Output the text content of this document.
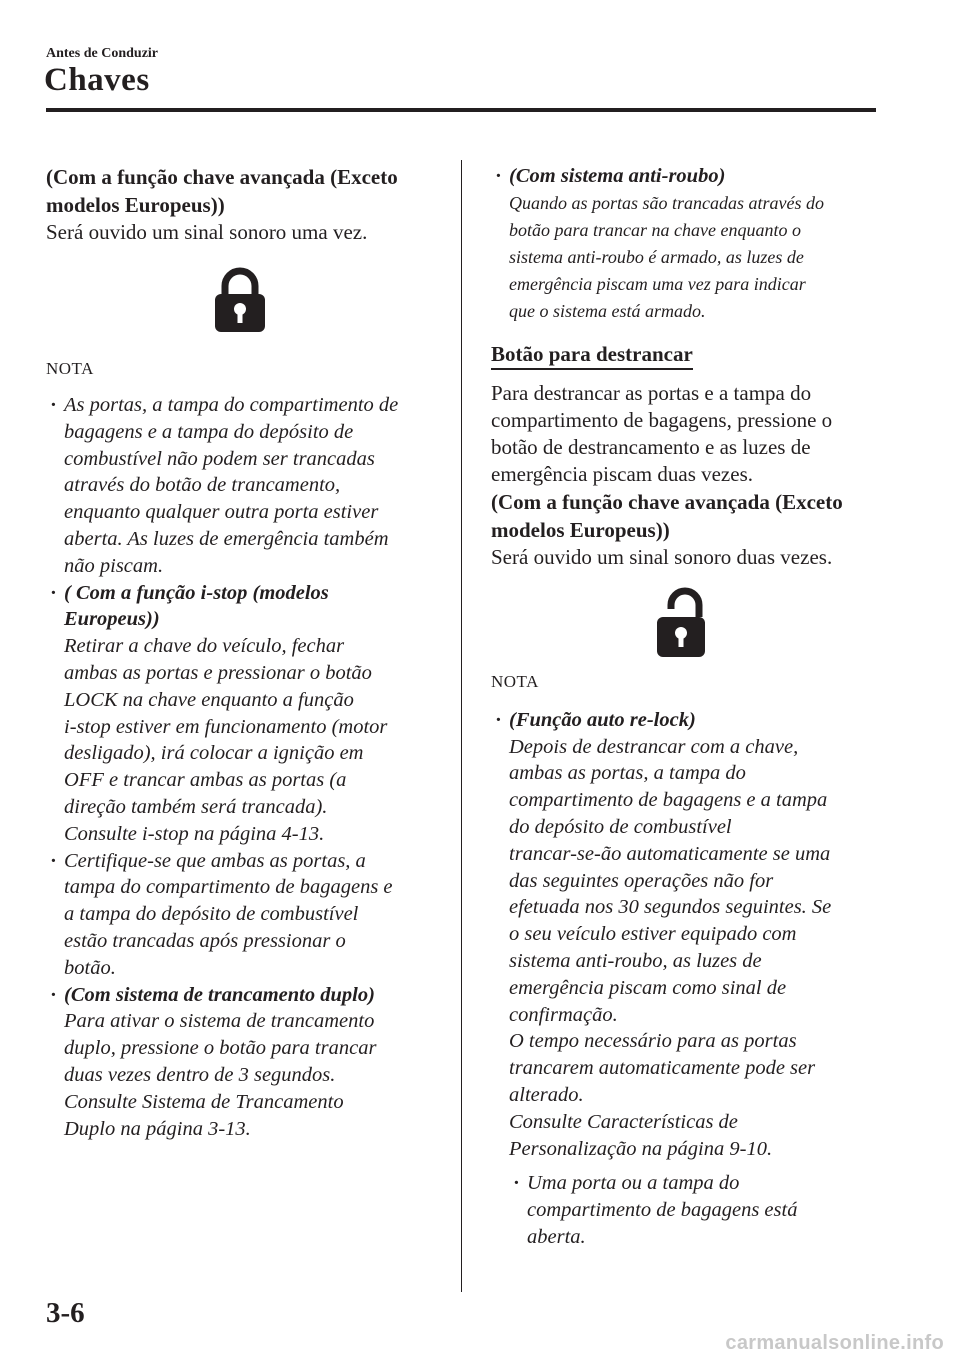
Antes de Conduzir
Chaves
(Com a função chave avançada (Exceto
modelos Europeus))
Será ouvido um sinal sonoro uma vez.
NOTA
· As portas, a tampa do compartimento de
bagagens e a tampa do depósito de
combustível não podem ser trancadas
através do botão de trancamento,
enquanto qualquer outra porta estiver
aberta. As luzes de emergência também
não piscam.
· ( Com a função i-stop (modelos
Europeus))
Retirar a chave do veículo, fechar
ambas as portas e pressionar o botão
LOCK na chave enquanto a função
i-stop estiver em funcionamento (motor
desligado), irá colocar a ignição em
OFF e trancar ambas as portas (a
direção também será trancada).
Consulte i-stop na página 4-13.
· Certifique-se que ambas as portas, a
tampa do compartimento de bagagens e
a tampa do depósito de combustível
estão trancadas após pressionar o
botão.
· (Com sistema de trancamento duplo)
Para ativar o sistema de trancamento
duplo, pressione o botão para trancar
duas vezes dentro de 3 segundos.
Consulte Sistema de Trancamento
Duplo na página 3-13.
· (Com sistema anti-roubo)
Quando as portas são trancadas através do
botão para trancar na chave enquanto o
sistema anti-roubo é armado, as luzes de
emergência piscam uma vez para indicar
que o sistema está armado.
Botão para destrancar
Para destrancar as portas e a tampa do
compartimento de bagagens, pressione o
botão de destrancamento e as luzes de
emergência piscam duas vezes.
(Com a função chave avançada (Exceto
modelos Europeus))
Será ouvido um sinal sonoro duas vezes.
NOTA
· (Função auto re-lock)
Depois de destrancar com a chave,
ambas as portas, a tampa do
compartimento de bagagens e a tampa
do depósito de combustível
trancar-se-ão automaticamente se uma
das seguintes operações não for
efetuada nos 30 segundos seguintes. Se
o seu veículo estiver equipado com
sistema anti-roubo, as luzes de
emergência piscam como sinal de
confirmação.
O tempo necessário para as portas
trancarem automaticamente pode ser
alterado.
Consulte Características de
Personalização na página 9-10.
· Uma porta ou a tampa do
compartimento de bagagens está
aberta.
3-6
carmanualsonline.info
